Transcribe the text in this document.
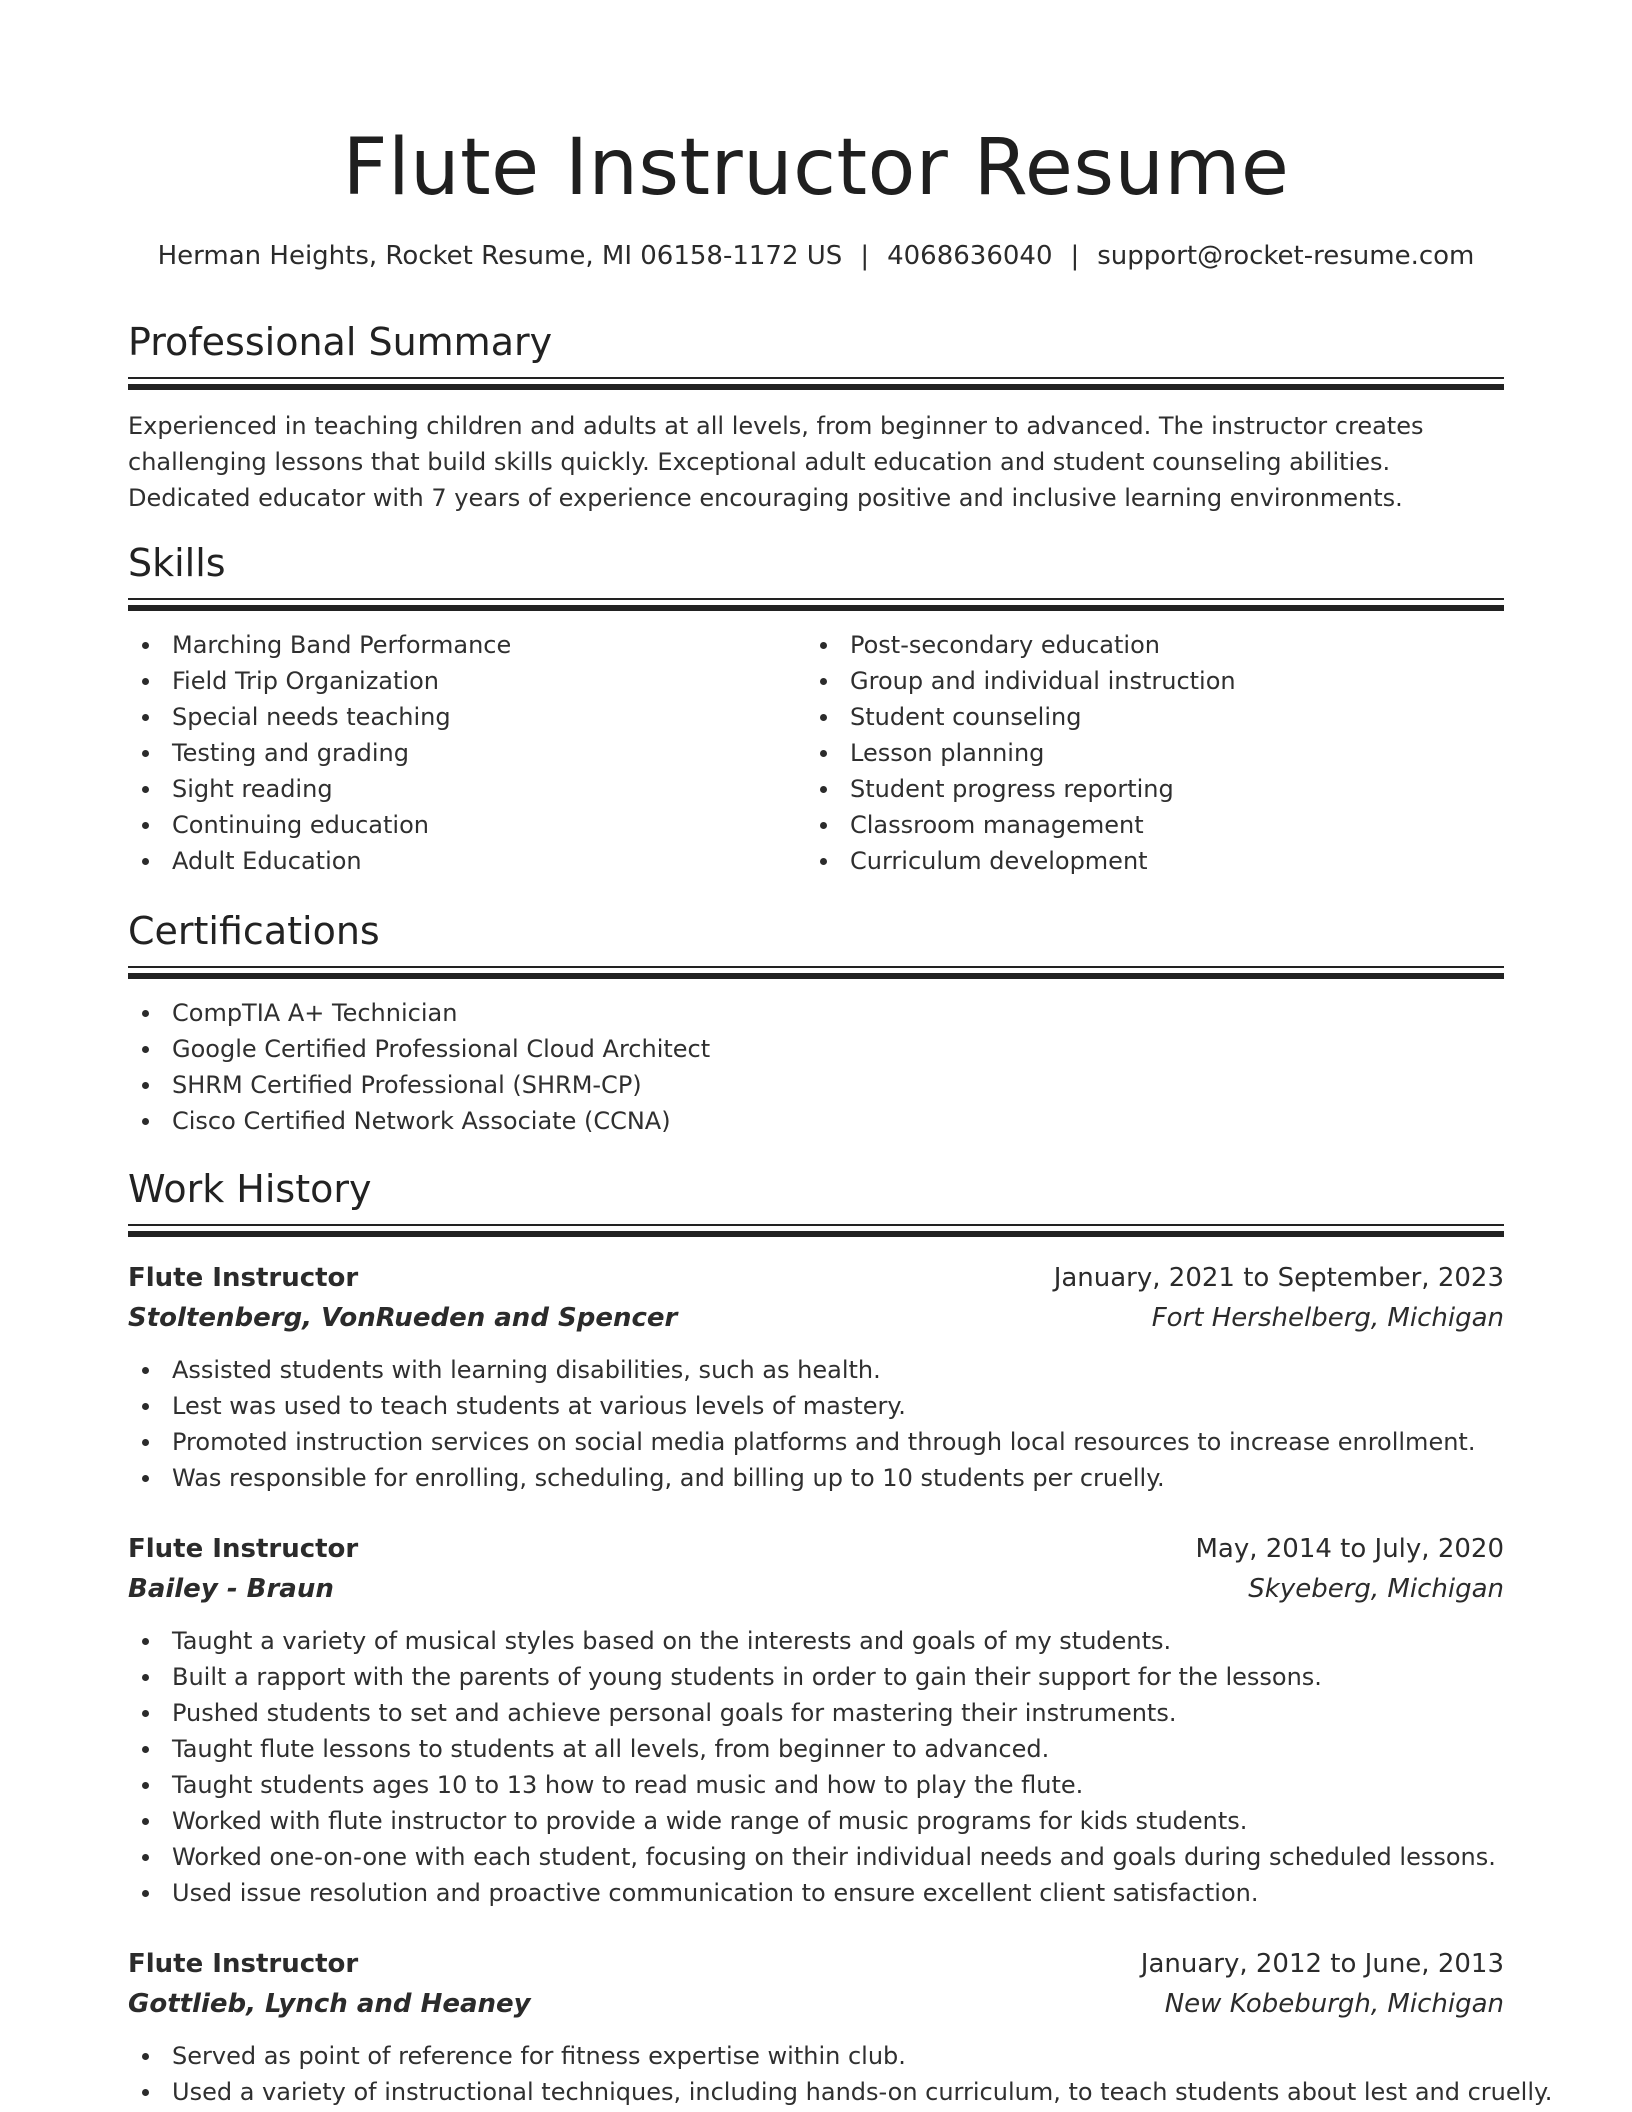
Flute Instructor Resume
Herman Heights, Rocket Resume, MI 06158-1172 US | 4068636040 | support@rocket-resume.com
Professional Summary
Experienced in teaching children and adults at all levels, from beginner to advanced. The instructor creates challenging lessons that build skills quickly. Exceptional adult education and student counseling abilities. Dedicated educator with 7 years of experience encouraging positive and inclusive learning environments.
Skills
Marching Band Performance
Field Trip Organization
Special needs teaching
Testing and grading
Sight reading
Continuing education
Adult Education
Post-secondary education
Group and individual instruction
Student counseling
Lesson planning
Student progress reporting
Classroom management
Curriculum development
Certifications
CompTIA A+ Technician
Google Certified Professional Cloud Architect
SHRM Certified Professional (SHRM-CP)
Cisco Certified Network Associate (CCNA)
Work History
Flute Instructor	January, 2021 to September, 2023
Stoltenberg, VonRueden and Spencer	Fort Hershelberg, Michigan
Assisted students with learning disabilities, such as health.
Lest was used to teach students at various levels of mastery.
Promoted instruction services on social media platforms and through local resources to increase enrollment.
Was responsible for enrolling, scheduling, and billing up to 10 students per cruelly.
Flute Instructor	May, 2014 to July, 2020
Bailey - Braun	Skyeberg, Michigan
Taught a variety of musical styles based on the interests and goals of my students.
Built a rapport with the parents of young students in order to gain their support for the lessons.
Pushed students to set and achieve personal goals for mastering their instruments.
Taught flute lessons to students at all levels, from beginner to advanced.
Taught students ages 10 to 13 how to read music and how to play the flute.
Worked with flute instructor to provide a wide range of music programs for kids students.
Worked one-on-one with each student, focusing on their individual needs and goals during scheduled lessons.
Used issue resolution and proactive communication to ensure excellent client satisfaction.
Flute Instructor	January, 2012 to June, 2013
Gottlieb, Lynch and Heaney	New Kobeburgh, Michigan
Served as point of reference for fitness expertise within club.
Used a variety of instructional techniques, including hands-on curriculum, to teach students about lest and cruelly.
